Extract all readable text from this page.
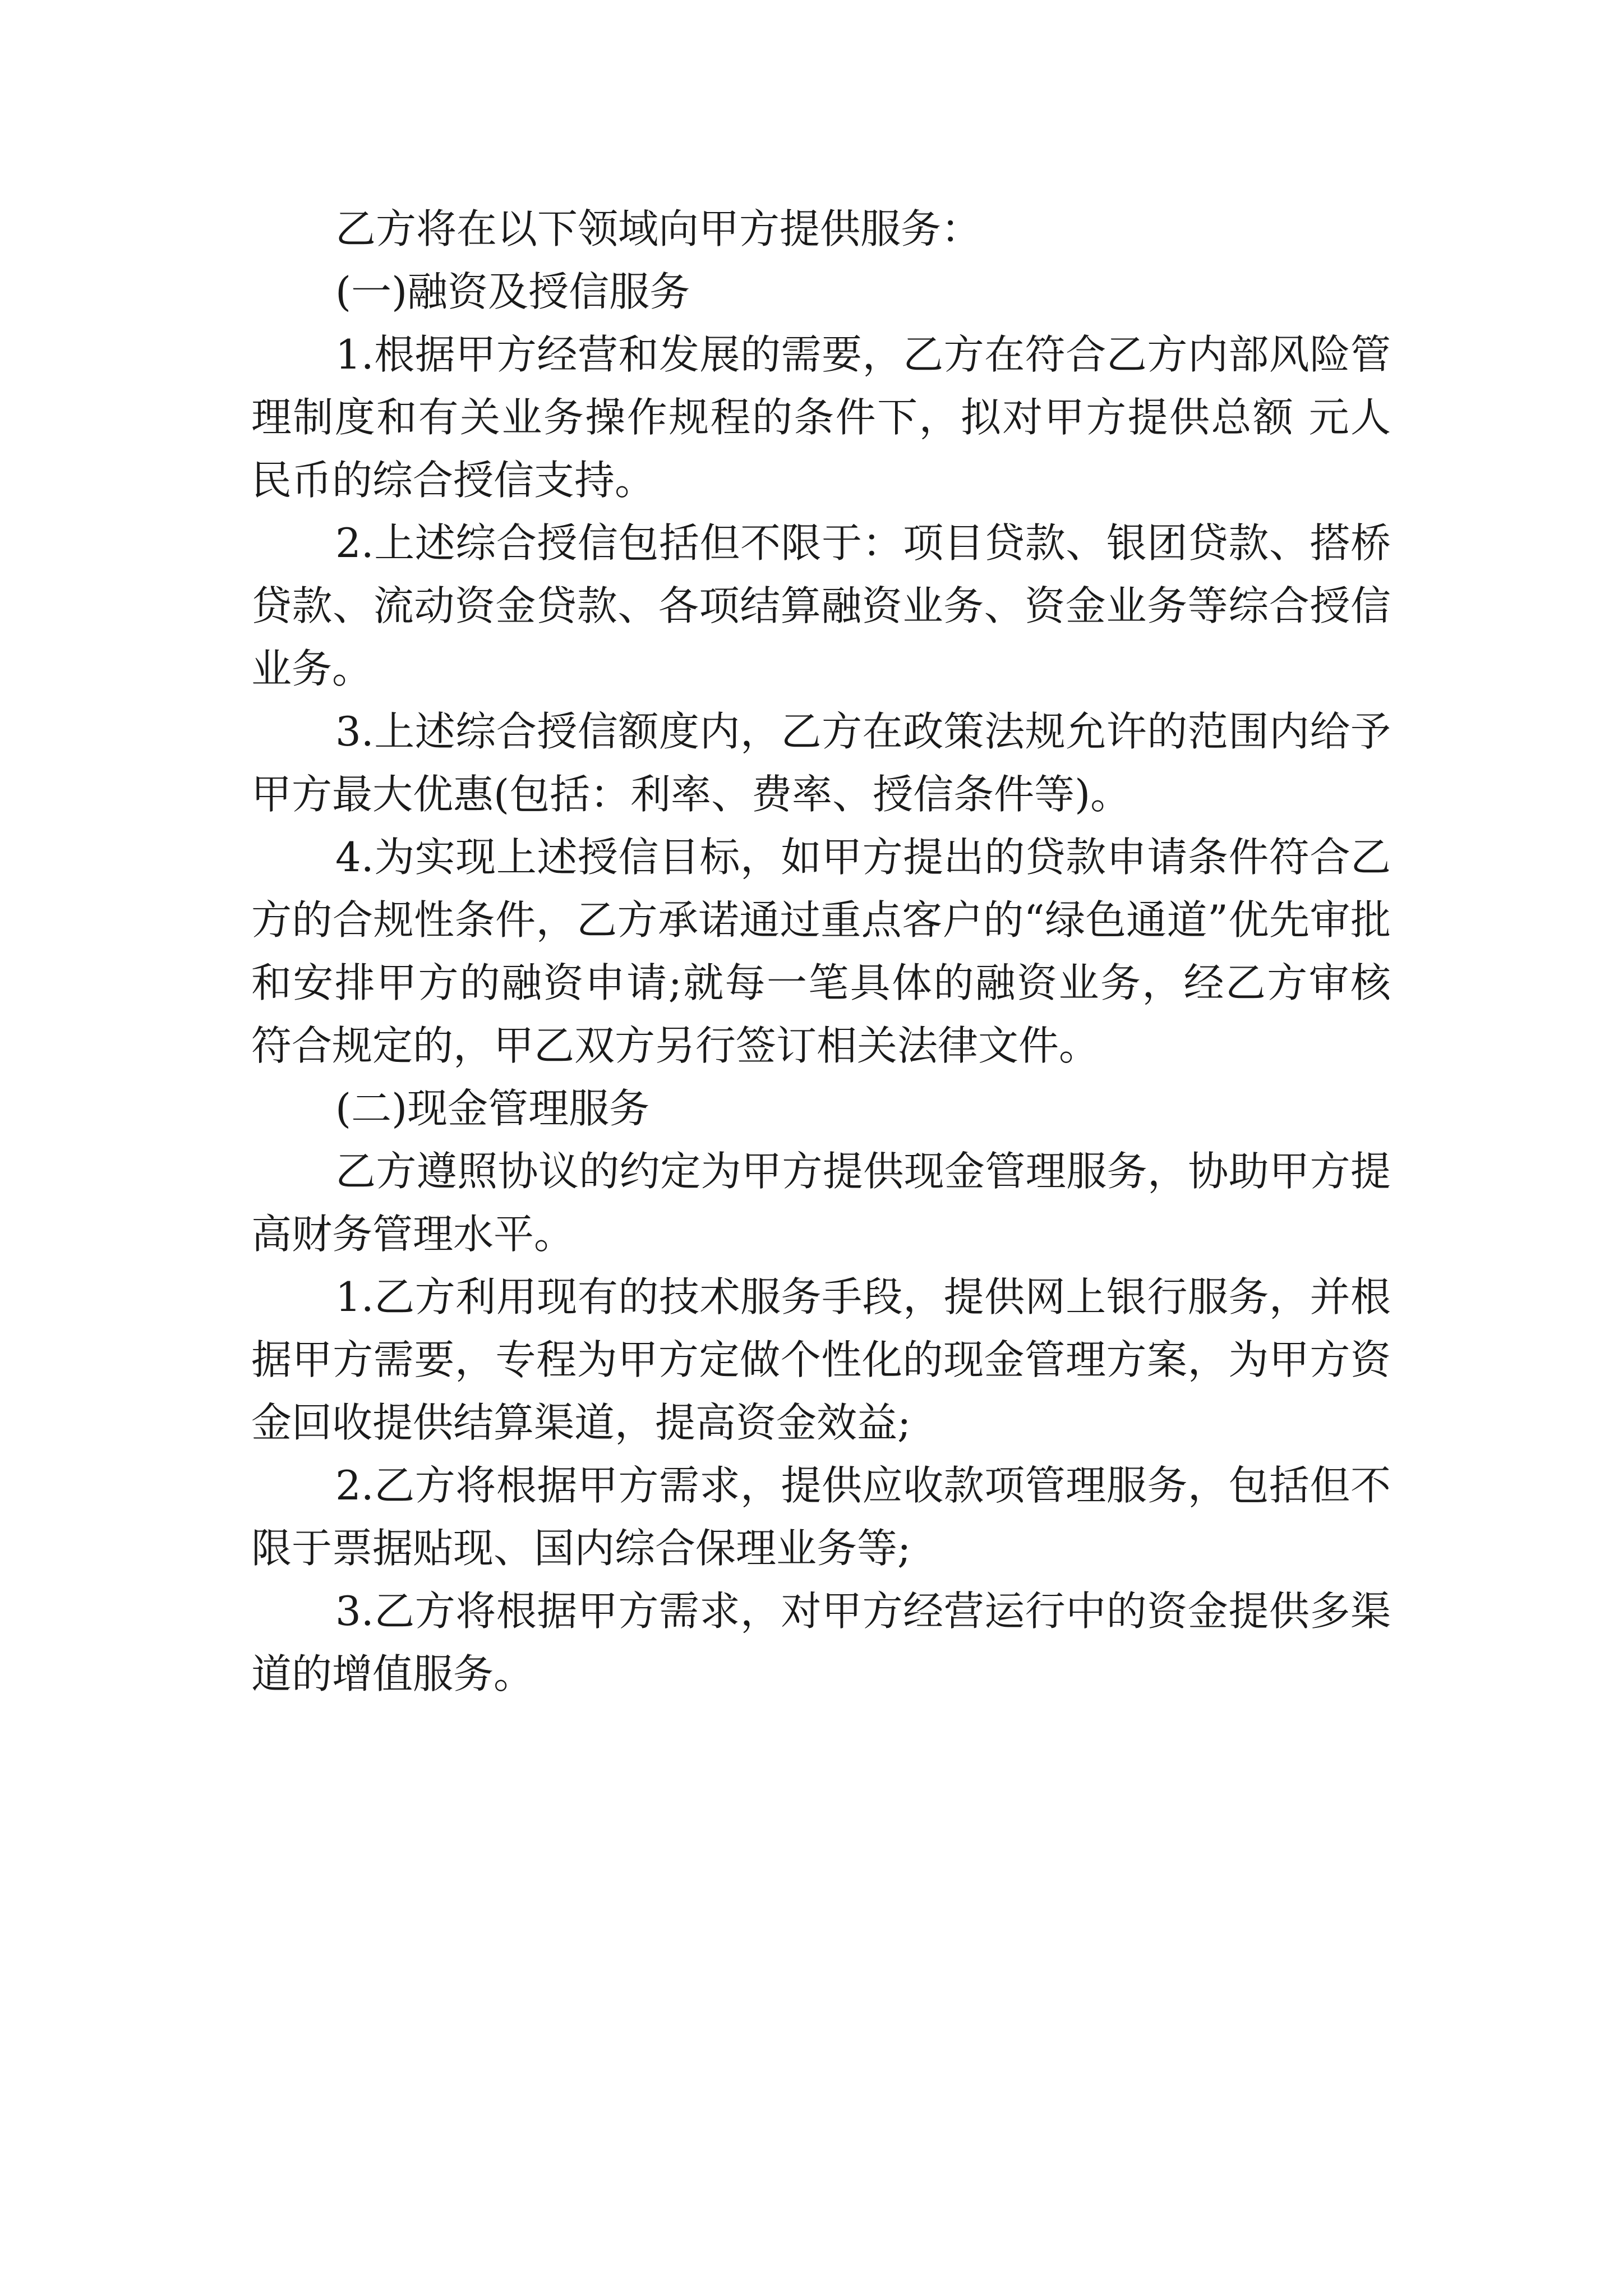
乙方将在以下领域向甲方提供服务：

(一)融资及授信服务

1.根据甲方经营和发展的需要，乙方在符合乙方内部风险管理制度和有关业务操作规程的条件下，拟对甲方提供总额 元人民币的综合授信支持。

2.上述综合授信包括但不限于：项目贷款、银团贷款、搭桥贷款、流动资金贷款、各项结算融资业务、资金业务等综合授信业务。

3.上述综合授信额度内，乙方在政策法规允许的范围内给予甲方最大优惠(包括：利率、费率、授信条件等)。

4.为实现上述授信目标，如甲方提出的贷款申请条件符合乙方的合规性条件，乙方承诺通过重点客户的“绿色通道”优先审批和安排甲方的融资申请;就每一笔具体的融资业务，经乙方审核符合规定的，甲乙双方另行签订相关法律文件。

(二)现金管理服务

乙方遵照协议的约定为甲方提供现金管理服务，协助甲方提高财务管理水平。

1.乙方利用现有的技术服务手段，提供网上银行服务，并根据甲方需要，专程为甲方定做个性化的现金管理方案，为甲方资金回收提供结算渠道，提高资金效益;

2.乙方将根据甲方需求，提供应收款项管理服务，包括但不限于票据贴现、国内综合保理业务等;

3.乙方将根据甲方需求，对甲方经营运行中的资金提供多渠道的增值服务。
